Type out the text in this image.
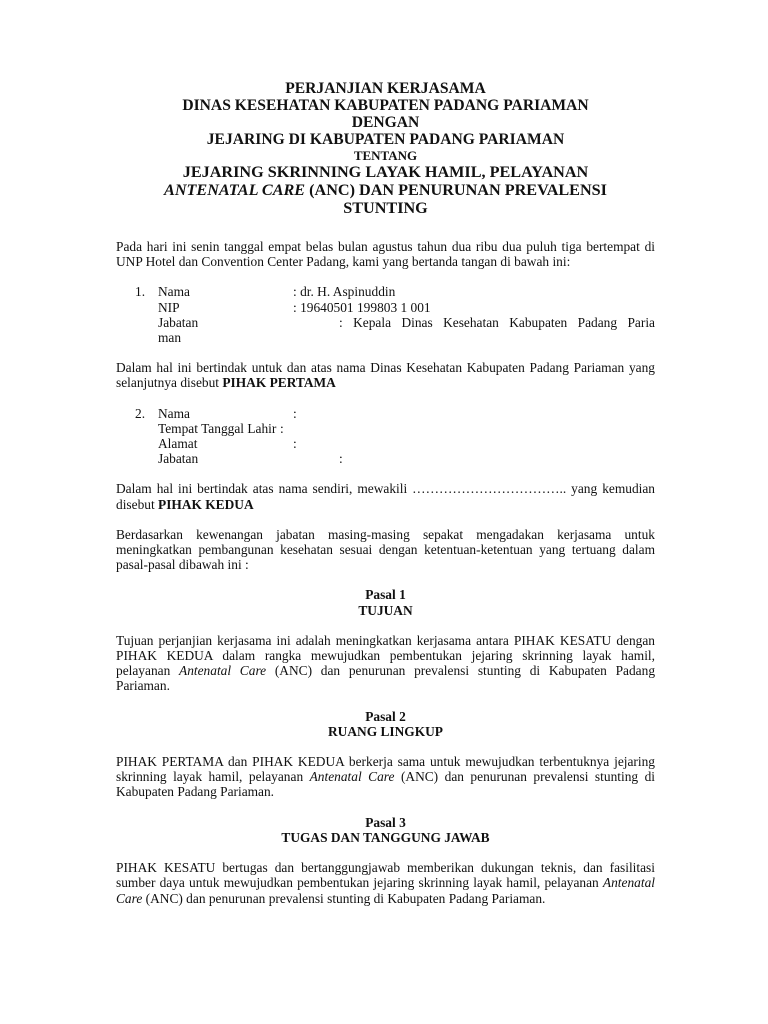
PERJANJIAN KERJASAMA
DINAS KESEHATAN KABUPATEN PADANG PARIAMAN
DENGAN
JEJARING DI KABUPATEN PADANG PARIAMAN
TENTANG
JEJARING SKRINNING LAYAK HAMIL, PELAYANAN
ANTENATAL CARE (ANC) DAN PENURUNAN PREVALENSI
STUNTING

Pada hari ini senin tanggal empat belas bulan agustus tahun dua ribu dua puluh tiga bertempat di UNP Hotel dan Convention Center Padang, kami yang bertanda tangan di bawah ini:

1. Nama	: dr. H. Aspinuddin
NIP	: 19640501 199803 1 001
Jabatan	: Kepala Dinas Kesehatan Kabupaten Padang Paria
man

Dalam hal ini bertindak untuk dan atas nama Dinas Kesehatan Kabupaten Padang Pariaman yang selanjutnya disebut PIHAK PERTAMA

2. Nama	:
Tempat Tanggal Lahir :
Alamat	:
Jabatan	:

Dalam hal ini bertindak atas nama sendiri, mewakili …………………………….. yang kemudian disebut PIHAK KEDUA

Berdasarkan kewenangan jabatan masing-masing sepakat mengadakan kerjasama untuk meningkatkan pembangunan kesehatan sesuai dengan ketentuan-ketentuan yang tertuang dalam pasal-pasal dibawah ini :

Pasal 1
TUJUAN

Tujuan perjanjian kerjasama ini adalah meningkatkan kerjasama antara PIHAK KESATU dengan PIHAK KEDUA dalam rangka mewujudkan pembentukan jejaring skrinning layak hamil, pelayanan Antenatal Care (ANC) dan penurunan prevalensi stunting di Kabupaten Padang Pariaman.

Pasal 2
RUANG LINGKUP

PIHAK PERTAMA dan PIHAK KEDUA berkerja sama untuk mewujudkan terbentuknya jejaring skrinning layak hamil, pelayanan Antenatal Care (ANC) dan penurunan prevalensi stunting di Kabupaten Padang Pariaman.

Pasal 3
TUGAS DAN TANGGUNG JAWAB

PIHAK KESATU bertugas dan bertanggungjawab memberikan dukungan teknis, dan fasilitasi sumber daya untuk mewujudkan pembentukan jejaring skrinning layak hamil, pelayanan Antenatal Care (ANC) dan penurunan prevalensi stunting di Kabupaten Padang Pariaman.
